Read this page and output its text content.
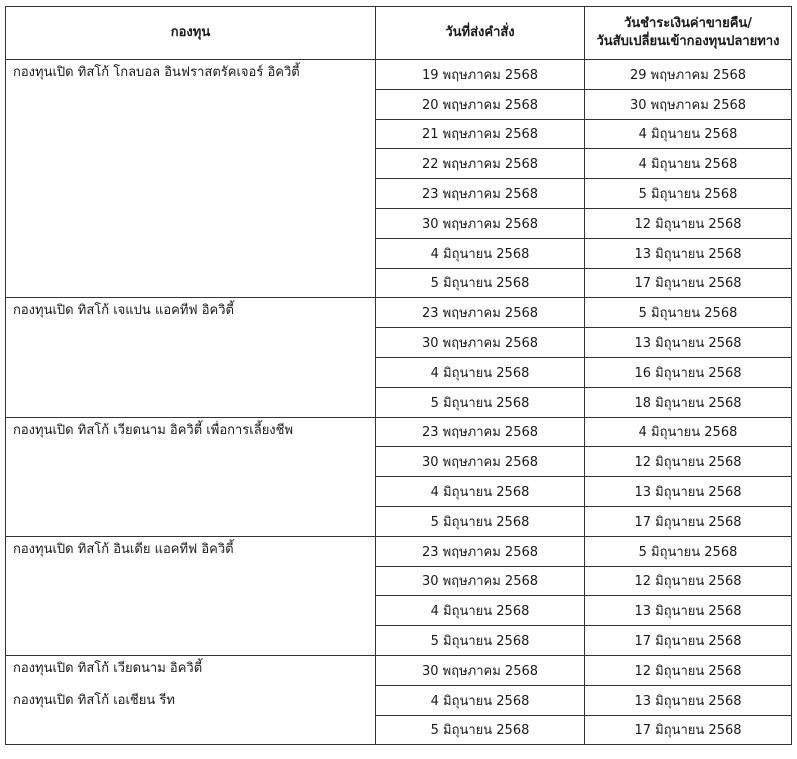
กองทุน	วันที่ส่งคำสั่ง	วันชำระเงินค่าขายคืน/
วันสับเปลี่ยนเข้ากองทุนปลายทาง

กองทุนเปิด ทิสโก้ โกลบอล อินฟราสตรัคเจอร์ อิควิตี้	19 พฤษภาคม 2568	29 พฤษภาคม 2568
	20 พฤษภาคม 2568	30 พฤษภาคม 2568
	21 พฤษภาคม 2568	4 มิถุนายน 2568
	22 พฤษภาคม 2568	4 มิถุนายน 2568
	23 พฤษภาคม 2568	5 มิถุนายน 2568
	30 พฤษภาคม 2568	12 มิถุนายน 2568
	4 มิถุนายน 2568	13 มิถุนายน 2568
	5 มิถุนายน 2568	17 มิถุนายน 2568

กองทุนเปิด ทิสโก้ เจแปน แอคทีฟ อิควิตี้	23 พฤษภาคม 2568	5 มิถุนายน 2568
	30 พฤษภาคม 2568	13 มิถุนายน 2568
	4 มิถุนายน 2568	16 มิถุนายน 2568
	5 มิถุนายน 2568	18 มิถุนายน 2568

กองทุนเปิด ทิสโก้ เวียดนาม อิควิตี้ เพื่อการเลี้ยงชีพ	23 พฤษภาคม 2568	4 มิถุนายน 2568
	30 พฤษภาคม 2568	12 มิถุนายน 2568
	4 มิถุนายน 2568	13 มิถุนายน 2568
	5 มิถุนายน 2568	17 มิถุนายน 2568

กองทุนเปิด ทิสโก้ อินเดีย แอคทีฟ อิควิตี้	23 พฤษภาคม 2568	5 มิถุนายน 2568
	30 พฤษภาคม 2568	12 มิถุนายน 2568
	4 มิถุนายน 2568	13 มิถุนายน 2568
	5 มิถุนายน 2568	17 มิถุนายน 2568

กองทุนเปิด ทิสโก้ เวียดนาม อิควิตี้
กองทุนเปิด ทิสโก้ เอเชียน รีท	30 พฤษภาคม 2568	12 มิถุนายน 2568
	4 มิถุนายน 2568	13 มิถุนายน 2568
	5 มิถุนายน 2568	17 มิถุนายน 2568
